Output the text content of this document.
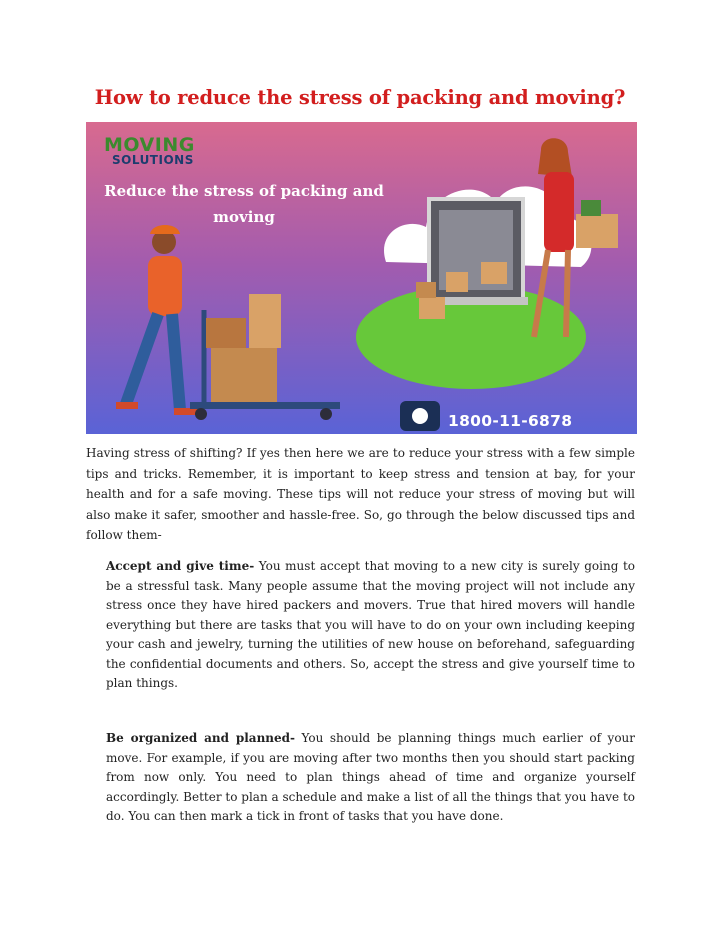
How to reduce the stress of packing and moving?
MOVING
SOLUTIONS
Reduce the stress of packing and
moving
1800-11-6878

Having stress of shifting? If yes then here we are to reduce your stress with a few simple tips and tricks. Remember, it is important to keep stress and tension at bay, for your health and for a safe moving. These tips will not reduce your stress of moving but will also make it safer, smoother and hassle-free. So, go through the below discussed tips and follow them-

Accept and give time- You must accept that moving to a new city is surely going to be a stressful task. Many people assume that the moving project will not include any stress once they have hired packers and movers. True that hired movers will handle everything but there are tasks that you will have to do on your own including keeping your cash and jewelry, turning the utilities of new house on beforehand, safeguarding the confidential documents and others. So, accept the stress and give yourself time to plan things.

Be organized and planned- You should be planning things much earlier of your move. For example, if you are moving after two months then you should start packing from now only. You need to plan things ahead of time and organize yourself accordingly. Better to plan a schedule and make a list of all the things that you have to do. You can then mark a tick in front of tasks that you have done.
